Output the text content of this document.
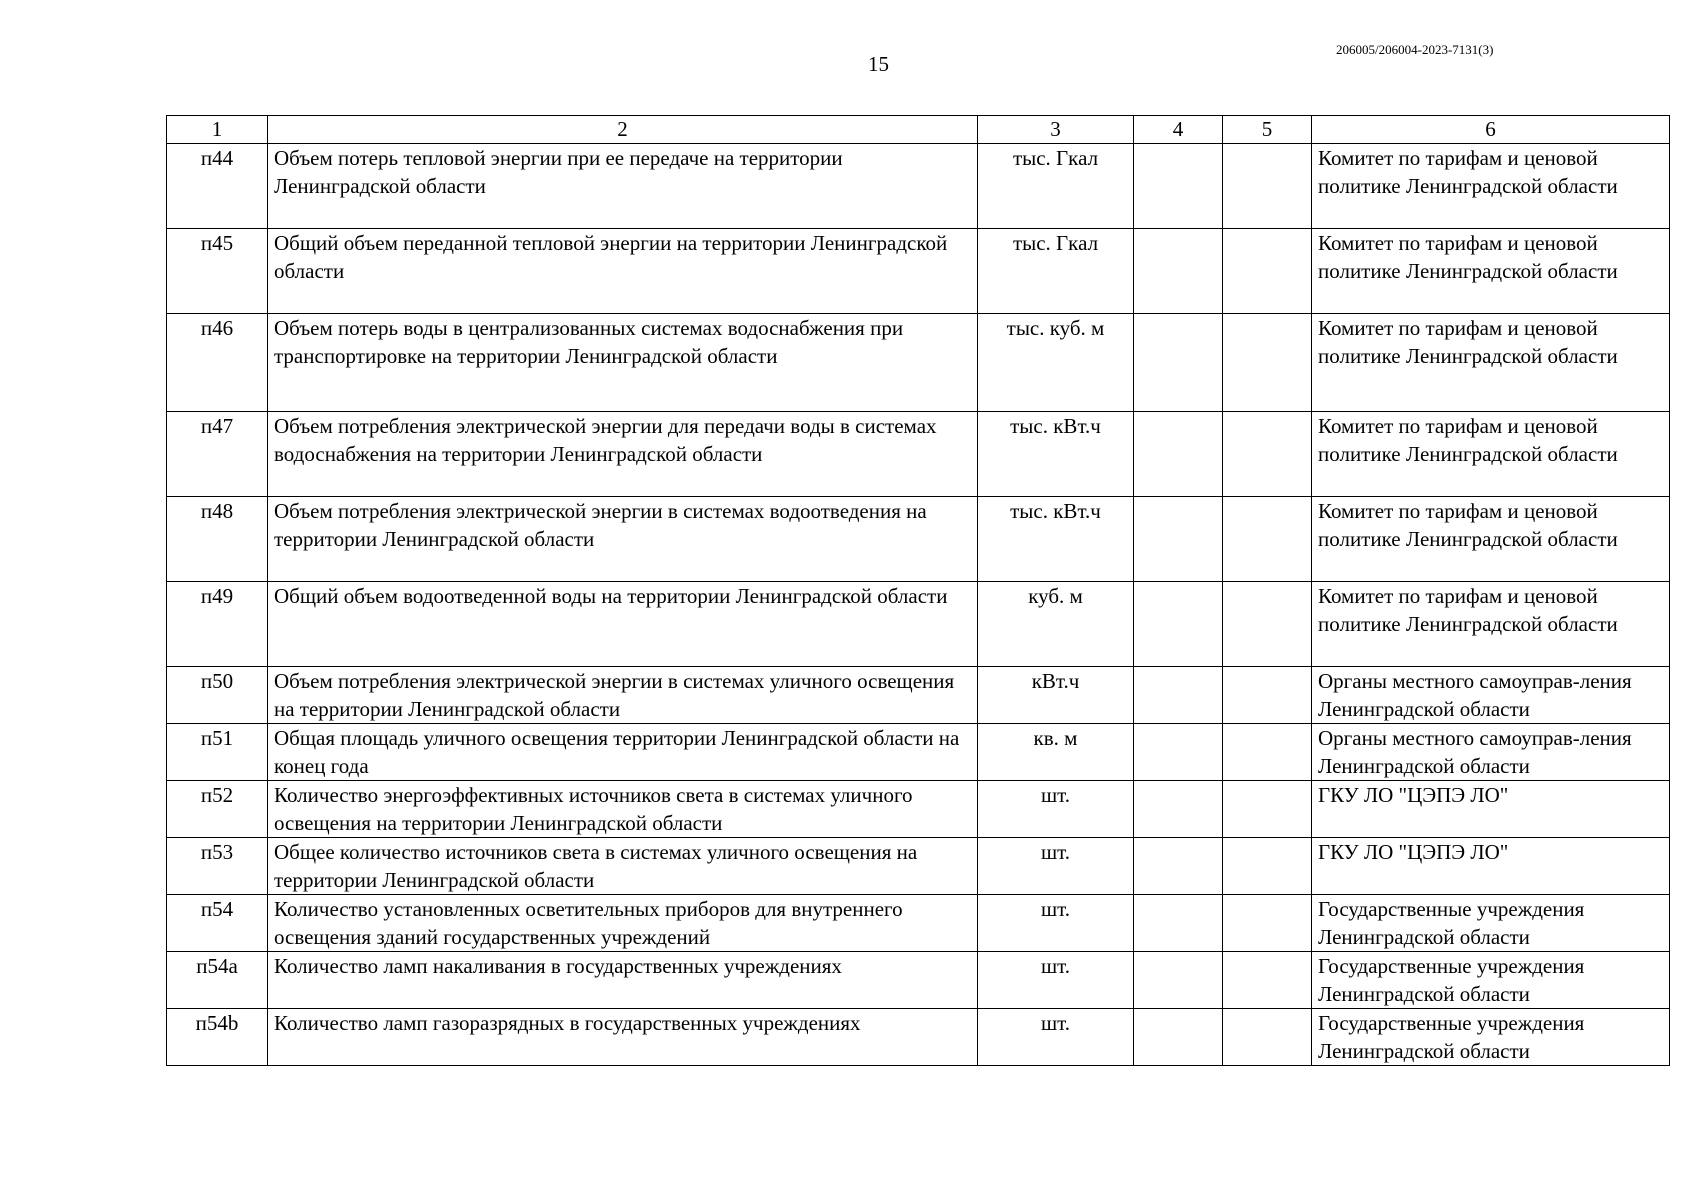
206005/206004-2023-7131(3)
15
1	2	3	4	5	6
п44	Объем потерь тепловой энергии при ее передаче на территории Ленинградской области	тыс. Гкал			Комитет по тарифам и ценовой политике Ленинградской области
п45	Общий объем переданной тепловой энергии на территории Ленинградской области	тыс. Гкал			Комитет по тарифам и ценовой политике Ленинградской области
п46	Объем потерь воды в централизованных системах водоснабжения при транспортировке на территории Ленинградской области	тыс. куб. м			Комитет по тарифам и ценовой политике Ленинградской области
п47	Объем потребления электрической энергии для передачи воды в системах водоснабжения на территории Ленинградской области	тыс. кВт.ч			Комитет по тарифам и ценовой политике Ленинградской области
п48	Объем потребления электрической энергии в системах водоотведения на территории Ленинградской области	тыс. кВт.ч			Комитет по тарифам и ценовой политике Ленинградской области
п49	Общий объем водоотведенной воды на территории Ленинградской области	куб. м			Комитет по тарифам и ценовой политике Ленинградской области
п50	Объем потребления электрической энергии в системах уличного освещения на территории Ленинградской области	кВт.ч			Органы местного самоуправ-ления Ленинградской области
п51	Общая площадь уличного освещения территории Ленинградской области на конец года	кв. м			Органы местного самоуправ-ления Ленинградской области
п52	Количество энергоэффективных источников света в системах уличного освещения на территории Ленинградской области	шт.			ГКУ ЛО "ЦЭПЭ ЛО"
п53	Общее количество источников света в системах уличного освещения на территории Ленинградской области	шт.			ГКУ ЛО "ЦЭПЭ ЛО"
п54	Количество установленных осветительных приборов для внутреннего освещения зданий государственных учреждений	шт.			Государственные учреждения Ленинградской области
п54a	Количество ламп накаливания в государственных учреждениях	шт.			Государственные учреждения Ленинградской области
п54b	Количество ламп газоразрядных в государственных учреждениях	шт.			Государственные учреждения Ленинградской области
